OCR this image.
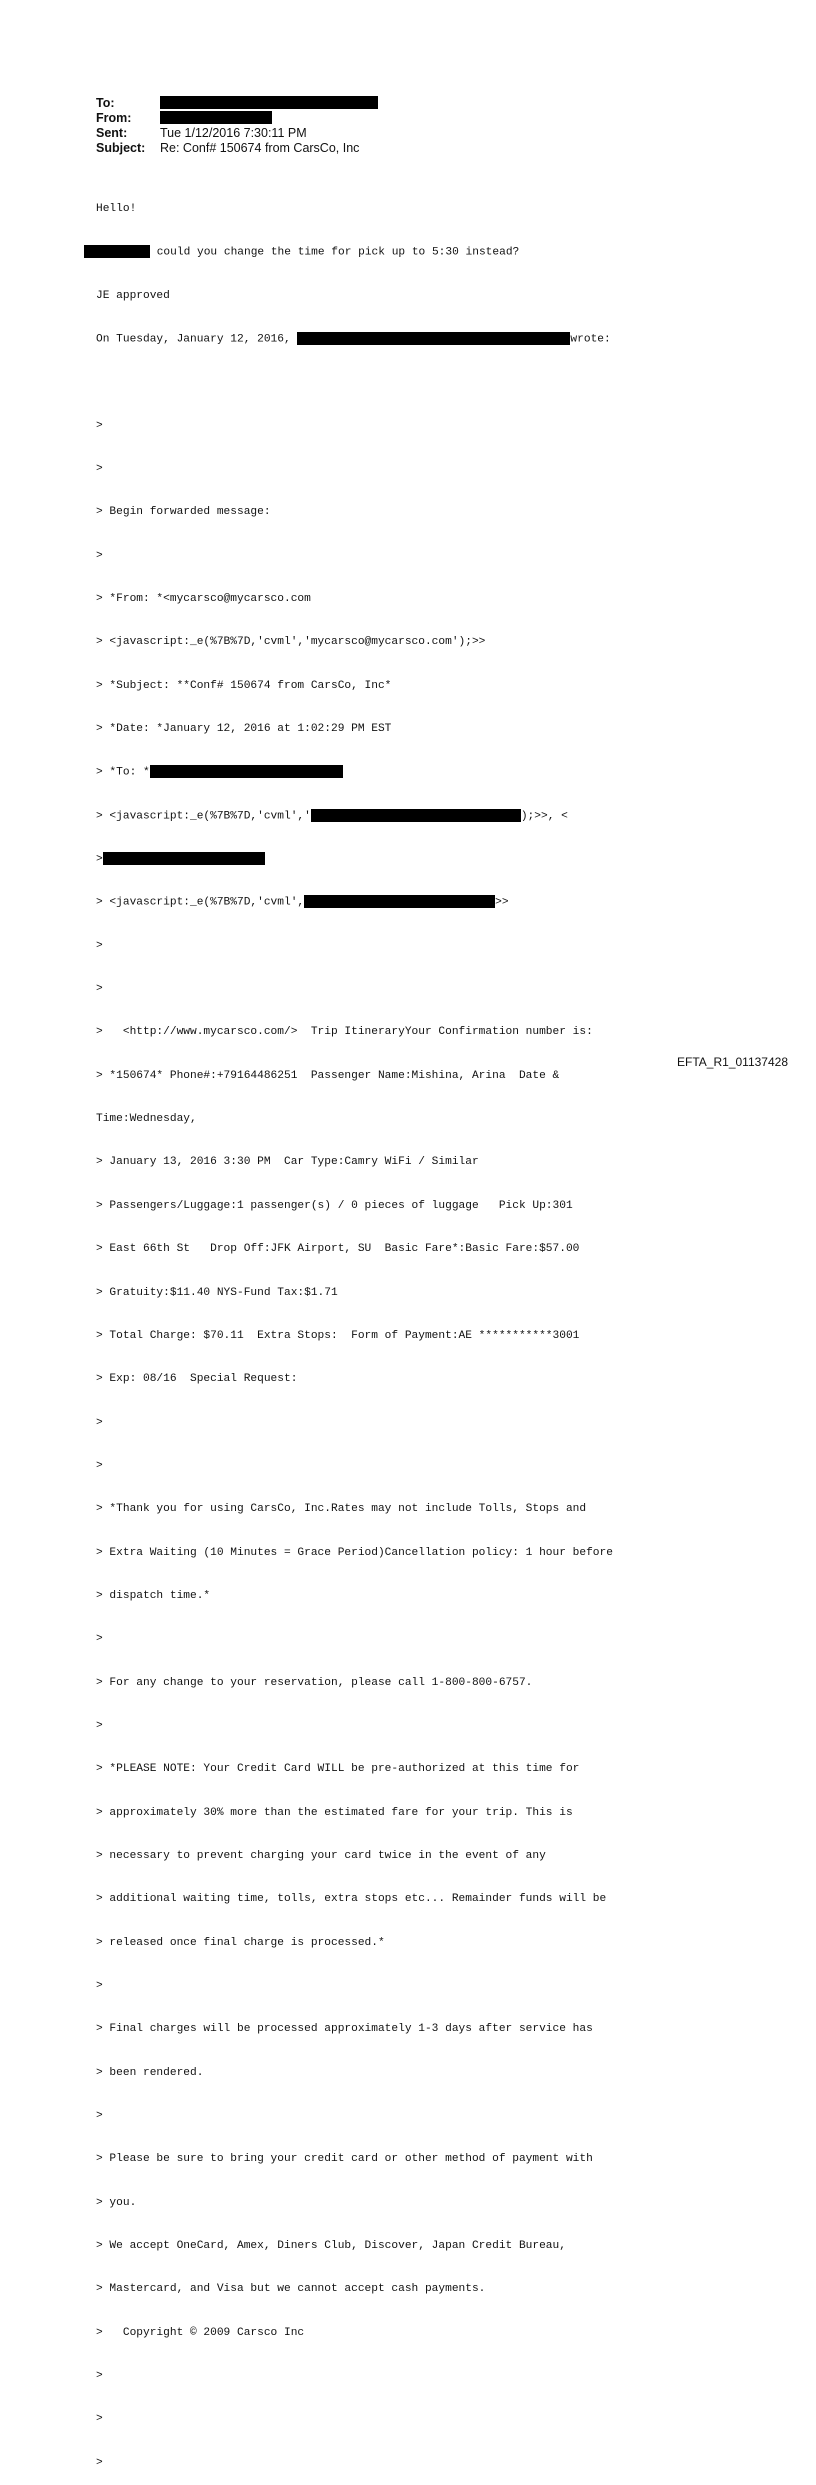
To:
From:
Sent:	Tue 1/12/2016 7:30:11 PM
Subject:	Re: Conf# 150674 from CarsCo, Inc

Hello!

could you change the time for pick up to 5:30 instead?

JE approved

On Tuesday, January 12, 2016,	wrote:

>

>

> Begin forwarded message:

>

> *From: *<mycarsco@mycarsco.com

> <javascript:_e(%7B%7D,'cvml','mycarsco@mycarsco.com');>>

> *Subject: **Conf# 150674 from CarsCo, Inc*

> *Date: *January 12, 2016 at 1:02:29 PM EST

> *To: *

> <javascript:_e(%7B%7D,'cvml','	);>>, <

>

> <javascript:_e(%7B%7D,'cvml',	>>

>

>

>   <http://www.mycarsco.com/>  Trip ItineraryYour Confirmation number is:

> *150674* Phone#:+79164486251  Passenger Name:Mishina, Arina  Date &

Time:Wednesday,

> January 13, 2016 3:30 PM  Car Type:Camry WiFi / Similar

> Passengers/Luggage:1 passenger(s) / 0 pieces of luggage   Pick Up:301

> East 66th St   Drop Off:JFK Airport, SU  Basic Fare*:Basic Fare:$57.00

> Gratuity:$11.40 NYS-Fund Tax:$1.71

> Total Charge: $70.11  Extra Stops:  Form of Payment:AE ***********3001

> Exp: 08/16  Special Request:

>

>

> *Thank you for using CarsCo, Inc.Rates may not include Tolls, Stops and

> Extra Waiting (10 Minutes = Grace Period)Cancellation policy: 1 hour before

> dispatch time.*

>

> For any change to your reservation, please call 1-800-800-6757.

>

> *PLEASE NOTE: Your Credit Card WILL be pre-authorized at this time for

> approximately 30% more than the estimated fare for your trip. This is

> necessary to prevent charging your card twice in the event of any

> additional waiting time, tolls, extra stops etc... Remainder funds will be

> released once final charge is processed.*

>

> Final charges will be processed approximately 1-3 days after service has

> been rendered.

>

> Please be sure to bring your credit card or other method of payment with

> you.

> We accept OneCard, Amex, Diners Club, Discover, Japan Credit Bureau,

> Mastercard, and Visa but we cannot accept cash payments.

>   Copyright © 2009 Carsco Inc

>

>

>

EFTA_R1_01137428
